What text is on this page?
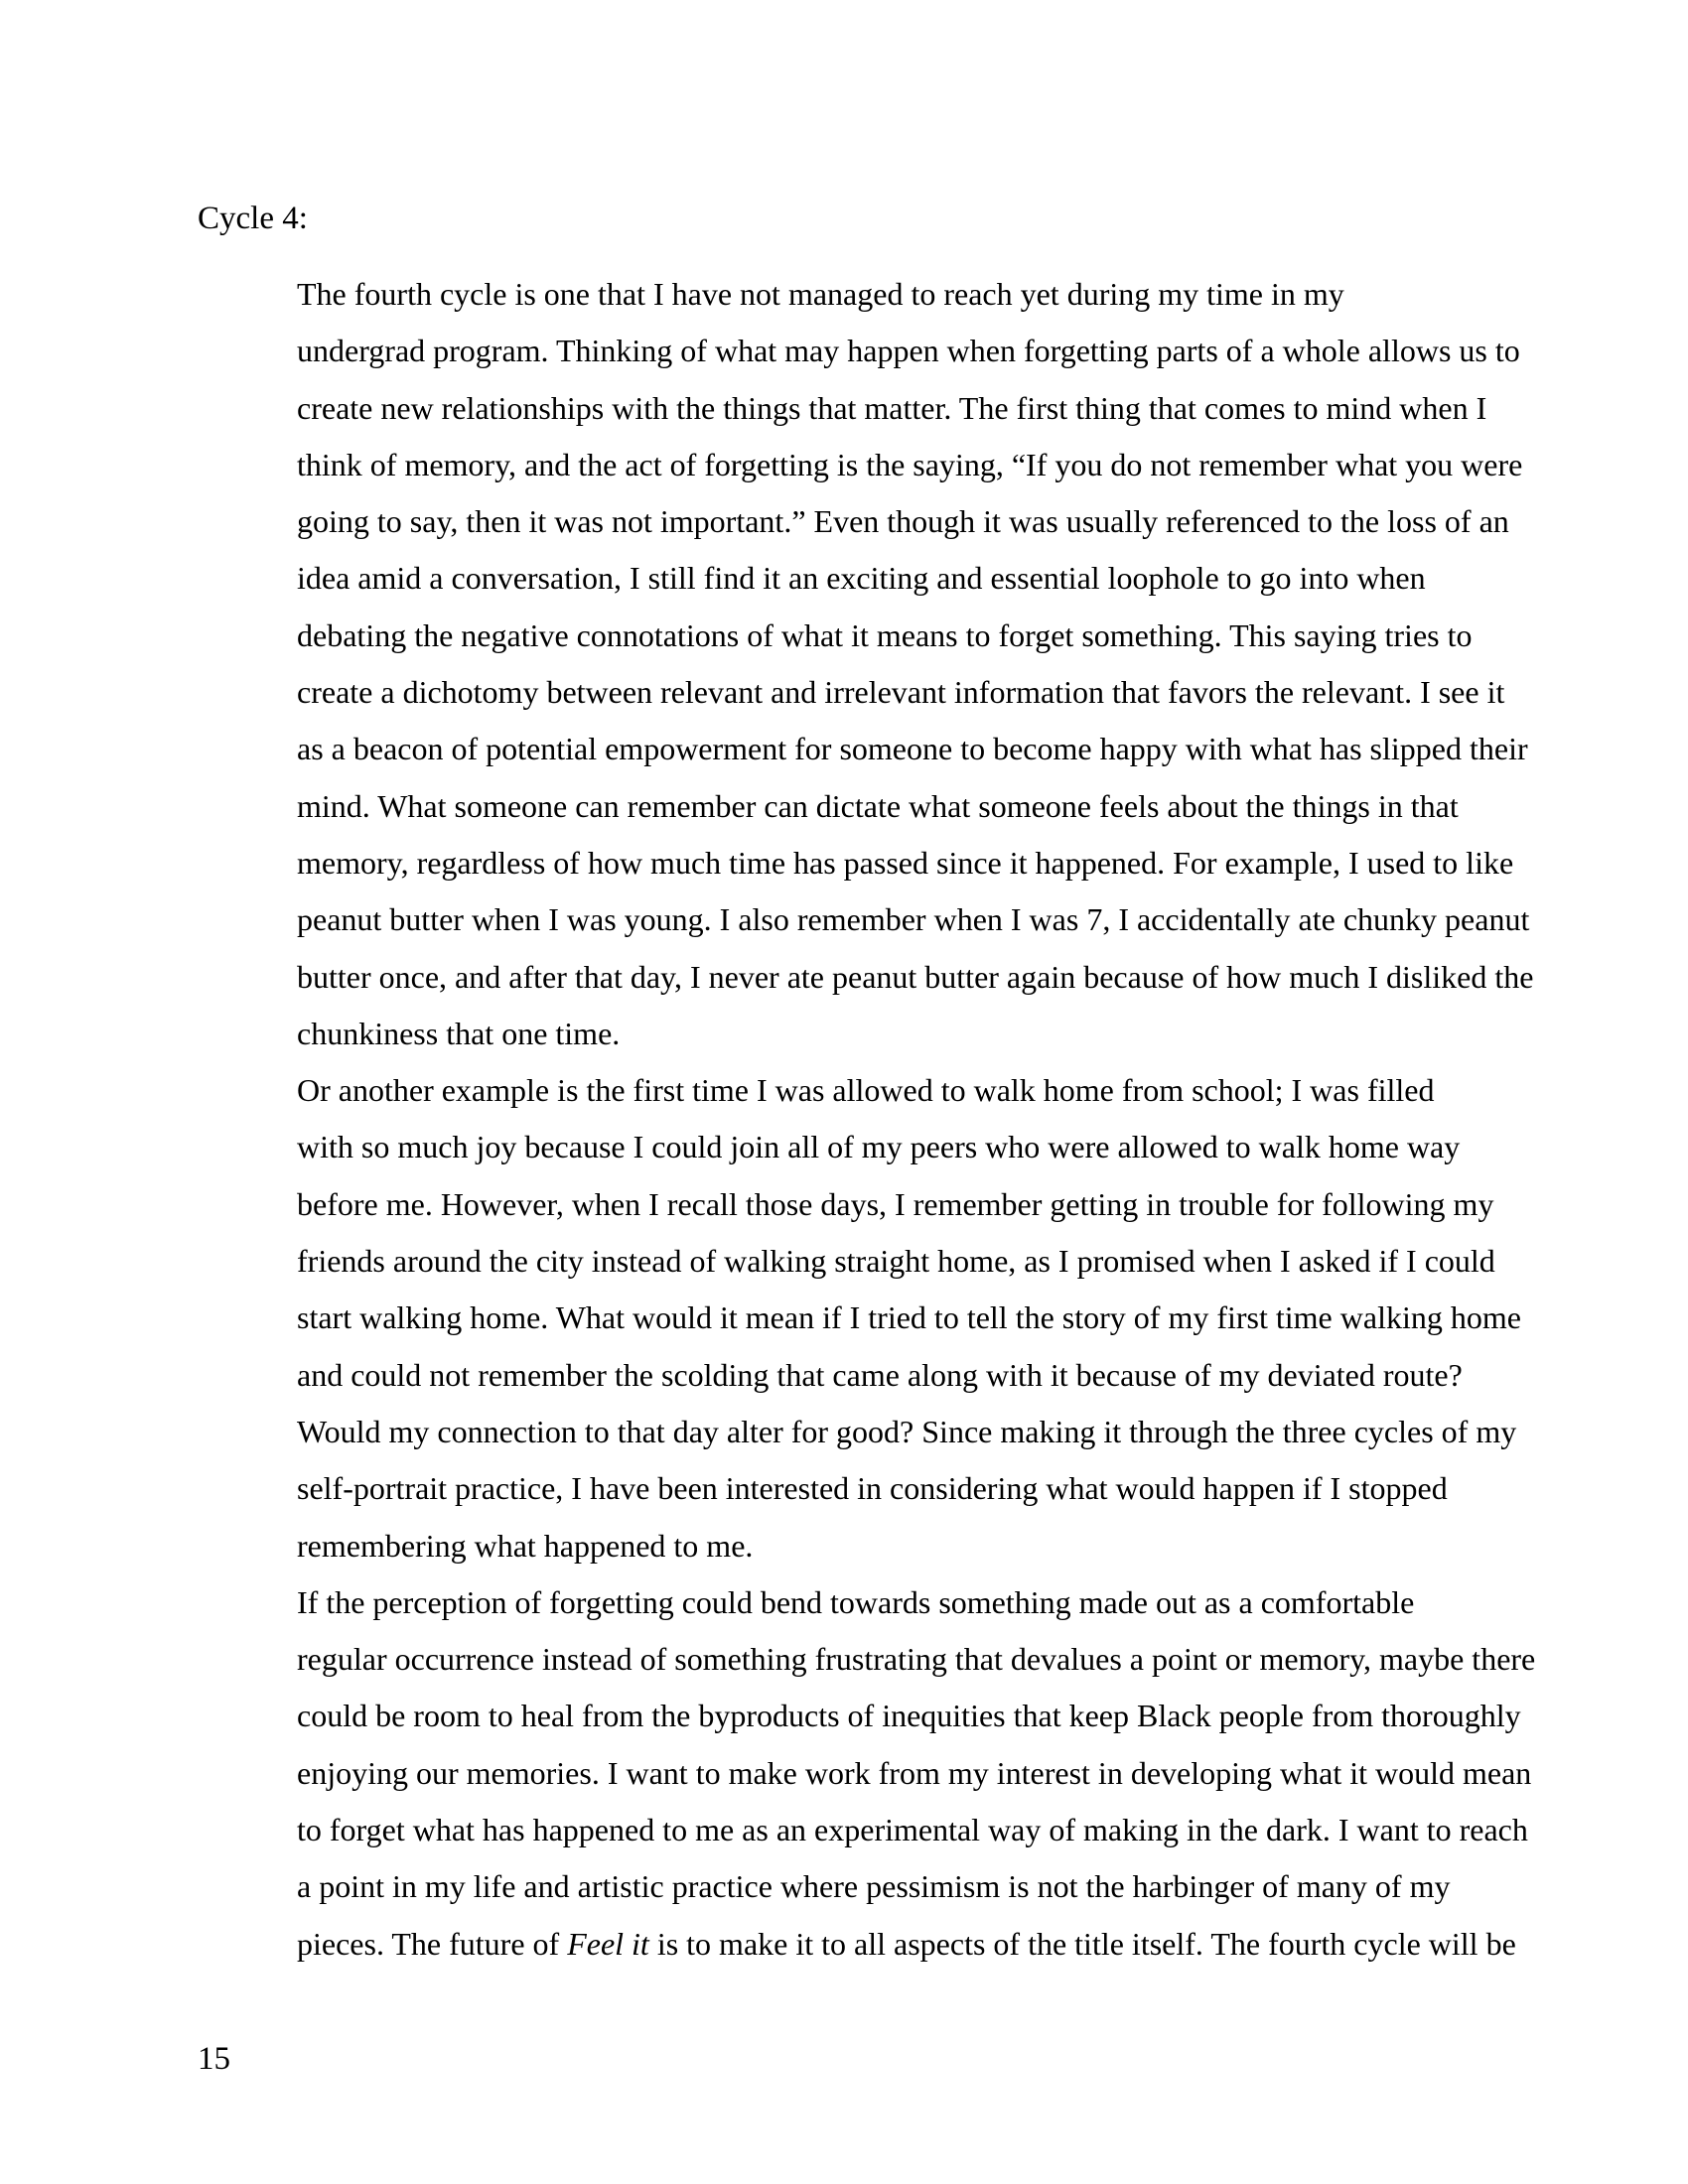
Cycle 4:

The fourth cycle is one that I have not managed to reach yet during my time in my
undergrad program. Thinking of what may happen when forgetting parts of a whole allows us to
create new relationships with the things that matter. The first thing that comes to mind when I
think of memory, and the act of forgetting is the saying, “If you do not remember what you were
going to say, then it was not important.” Even though it was usually referenced to the loss of an
idea amid a conversation, I still find it an exciting and essential loophole to go into when
debating the negative connotations of what it means to forget something. This saying tries to
create a dichotomy between relevant and irrelevant information that favors the relevant. I see it
as a beacon of potential empowerment for someone to become happy with what has slipped their
mind. What someone can remember can dictate what someone feels about the things in that
memory, regardless of how much time has passed since it happened. For example, I used to like
peanut butter when I was young. I also remember when I was 7, I accidentally ate chunky peanut
butter once, and after that day, I never ate peanut butter again because of how much I disliked the
chunkiness that one time.

Or another example is the first time I was allowed to walk home from school; I was filled
with so much joy because I could join all of my peers who were allowed to walk home way
before me. However, when I recall those days, I remember getting in trouble for following my
friends around the city instead of walking straight home, as I promised when I asked if I could
start walking home. What would it mean if I tried to tell the story of my first time walking home
and could not remember the scolding that came along with it because of my deviated route?
Would my connection to that day alter for good? Since making it through the three cycles of my
self-portrait practice, I have been interested in considering what would happen if I stopped
remembering what happened to me.

If the perception of forgetting could bend towards something made out as a comfortable
regular occurrence instead of something frustrating that devalues a point or memory, maybe there
could be room to heal from the byproducts of inequities that keep Black people from thoroughly
enjoying our memories. I want to make work from my interest in developing what it would mean
to forget what has happened to me as an experimental way of making in the dark. I want to reach
a point in my life and artistic practice where pessimism is not the harbinger of many of my
pieces. The future of Feel it is to make it to all aspects of the title itself. The fourth cycle will be

15
